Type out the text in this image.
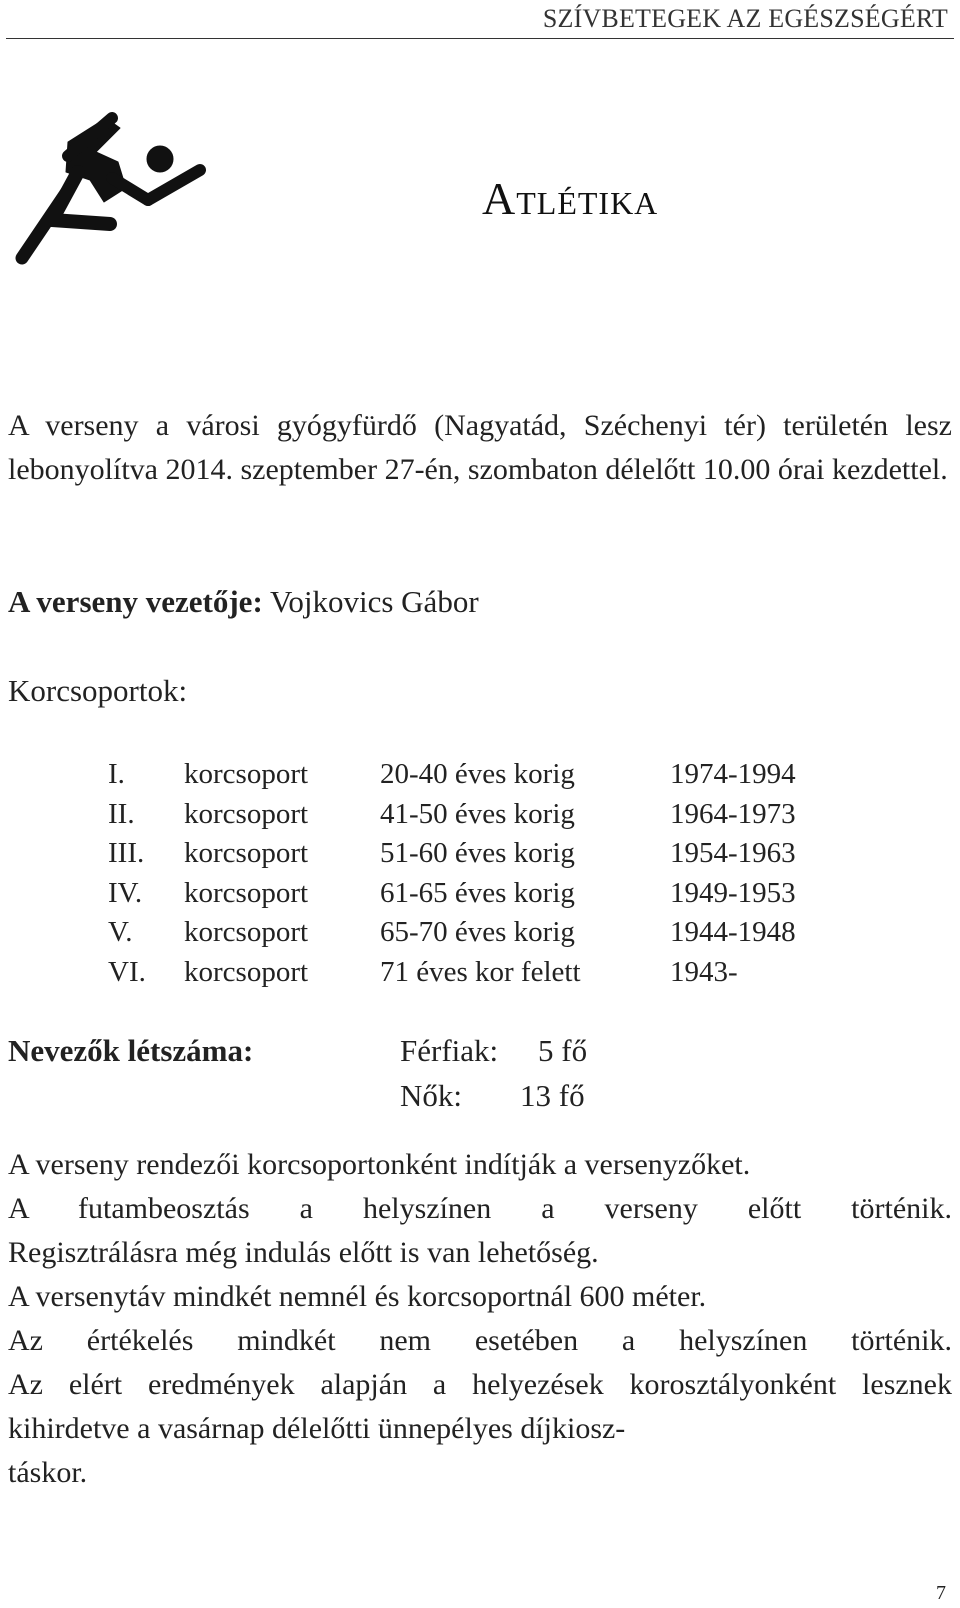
SZÍVBETEGEK AZ EGÉSZSÉGÉRT
Atlétika
A verseny a városi gyógyfürdő (Nagyatád, Széchenyi tér) területén lesz lebonyolítva 2014. szeptember 27-én, szombaton délelőtt 10.00 órai kezdettel.
A verseny vezetője: Vojkovics Gábor
Korcsoportok:
I. korcsoport 20-40 éves korig	1974-1994
II. korcsoport 41-50 éves korig	1964-1973
III. korcsoport 51-60 éves korig	1954-1963
IV. korcsoport 61-65 éves korig	1949-1953
V. korcsoport 65-70 éves korig	1944-1948
VI. korcsoport 71 éves kor felett	1943-
Nevezők létszáma:	Férfiak: 5 fő
Nők: 13 fő

A verseny rendezői korcsoportonként indítják a versenyzőket.

A futambeosztás a helyszínen a verseny előtt történik.

Regisztrálásra még indulás előtt is van lehetőség.

A versenytáv mindkét nemnél és korcsoportnál 600 méter.

Az értékelés mindkét nem esetében a helyszínen történik.

Az elért eredmények alapján a helyezések korosztályonként lesznek kihirdetve a vasárnap délelőtti ünnepélyes díjkiosz-

táskor.

7
